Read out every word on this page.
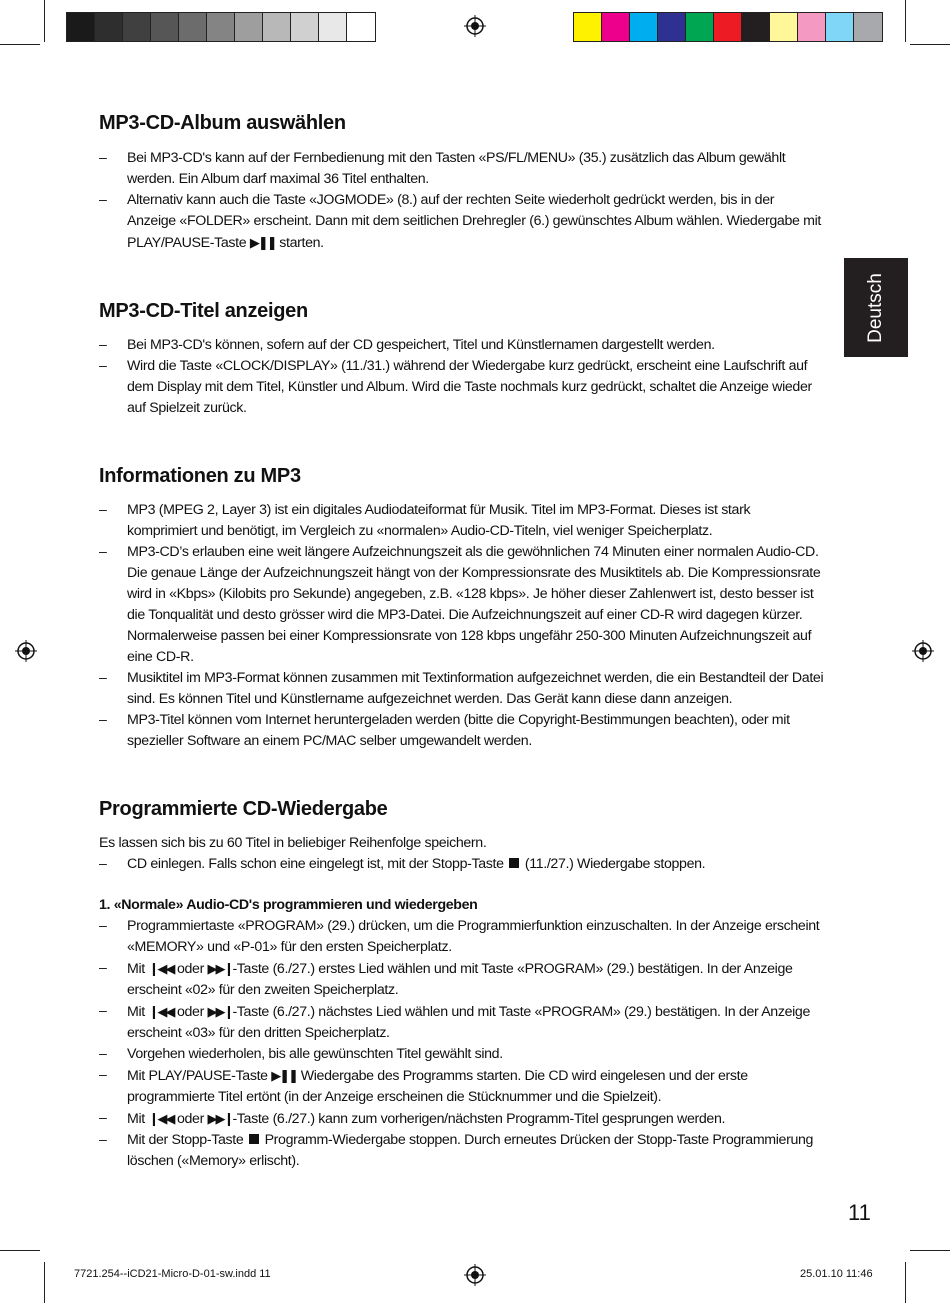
Deutsch
MP3-CD-Album auswählen
–	Bei MP3-CD's kann auf der Fernbedienung mit den Tasten «PS/FL/MENU» (35.) zusätzlich das Album gewählt werden. Ein Album darf maximal 36 Titel enthalten.
–	Alternativ kann auch die Taste «JOGMODE» (8.) auf der rechten Seite wiederholt gedrückt werden, bis in der Anzeige «FOLDER» erscheint. Dann mit dem seitlichen Drehregler (6.) gewünschtes Album wählen. Wiedergabe mit PLAY/PAUSE-Taste ▶❚❚ starten.
MP3-CD-Titel anzeigen
–	Bei MP3-CD's können, sofern auf der CD gespeichert, Titel und Künstlernamen dargestellt werden.
–	Wird die Taste «CLOCK/DISPLAY» (11./31.) während der Wiedergabe kurz gedrückt, erscheint eine Laufschrift auf dem Display mit dem Titel, Künstler und Album. Wird die Taste nochmals kurz gedrückt, schaltet die Anzeige wieder auf Spielzeit zurück.
Informationen zu MP3
–	MP3 (MPEG 2, Layer 3) ist ein digitales Audiodateiformat für Musik. Titel im MP3-Format. Dieses ist stark komprimiert und benötigt, im Vergleich zu «normalen» Audio-CD-Titeln, viel weniger Speicherplatz.
–	MP3-CD’s erlauben eine weit längere Aufzeichnungszeit als die gewöhnlichen 74 Minuten einer normalen Audio-CD. Die genaue Länge der Aufzeichnungszeit hängt von der Kompressionsrate des Musiktitels ab. Die Kompressionsrate wird in «Kbps» (Kilobits pro Sekunde) angegeben, z.B. «128 kbps». Je höher dieser Zahlenwert ist, desto besser ist die Tonqualität und desto grösser wird die MP3-Datei. Die Aufzeichnungszeit auf einer CD-R wird dagegen kürzer. Normalerweise passen bei einer Kompressionsrate von 128 kbps ungefähr 250-300 Minuten Aufzeichnungszeit auf eine CD-R.
–	Musiktitel im MP3-Format können zusammen mit Textinformation aufgezeichnet werden, die ein Bestandteil der Datei sind. Es können Titel und Künstlername aufgezeichnet werden. Das Gerät kann diese dann anzeigen.
–	MP3-Titel können vom Internet heruntergeladen werden (bitte die Copyright-Bestimmungen beachten), oder mit spezieller Software an einem PC/MAC selber umgewandelt werden.
Programmierte CD-Wiedergabe

Es lassen sich bis zu 60 Titel in beliebiger Reihenfolge speichern.

–	CD einlegen. Falls schon eine eingelegt ist, mit der Stopp-Taste (11./27.) Wiedergabe stoppen.

1. «Normale» Audio-CD's programmieren und wiedergeben

–	Programmiertaste «PROGRAM» (29.) drücken, um die Programmierfunktion einzuschalten. In der Anzeige erscheint «MEMORY» und «P-01» für den ersten Speicherplatz.
–	Mit ❙◀◀ oder ▶▶❙-Taste (6./27.) erstes Lied wählen und mit Taste «PROGRAM» (29.) bestätigen. In der Anzeige erscheint «02» für den zweiten Speicherplatz.
–	Mit ❙◀◀ oder ▶▶❙-Taste (6./27.) nächstes Lied wählen und mit Taste «PROGRAM» (29.) bestätigen. In der Anzeige erscheint «03» für den dritten Speicherplatz.
–	Vorgehen wiederholen, bis alle gewünschten Titel gewählt sind.
–	Mit PLAY/PAUSE-Taste ▶❚❚ Wiedergabe des Programms starten. Die CD wird eingelesen und der erste programmierte Titel ertönt (in der Anzeige erscheinen die Stücknummer und die Spielzeit).
–	Mit ❙◀◀ oder ▶▶❙-Taste (6./27.) kann zum vorherigen/nächsten Programm-Titel gesprungen werden.
–	Mit der Stopp-Taste Programm-Wiedergabe stoppen. Durch erneutes Drücken der Stopp-Taste Programmierung löschen («Memory» erlischt).
11
7721.254--iCD21-Micro-D-01-sw.indd 11	25.01.10 11:46
